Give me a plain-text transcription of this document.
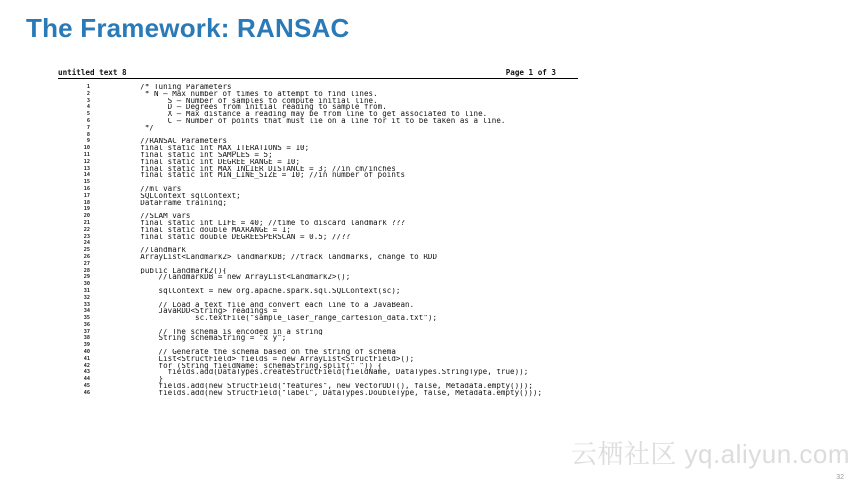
The Framework: RANSAC
untitled text 8	Page 1 of 3
1	/* Tuning Parameters
2	* N — Max number of times to attempt to find lines.
3	S — Number of samples to compute initial line.
4	D — Degrees from initial reading to sample from.
5	X — Max distance a reading may be from line to get associated to line.
6	C — Number of points that must lie on a line for it to be taken as a line.
7	*/
8
9	//RANSAC Parameters
10	final static int MAX_ITERATIONS = 10;
11	final static int SAMPLES = 5;
12	final static int DEGREE_RANGE = 10;
13	final static int MAX_INLIER_DISTANCE = 3; //in cm/inches
14	final static int MIN_LINE_SIZE = 10; //in number of points
15
16	//ml vars
17	SQLContext sqlContext;
18	DataFrame training;
19
20	//SLAM vars
21	final static int LIFE = 40; //time to discard landmark ???
22	final static double MAXRANGE = 1;
23	final static double DEGREESPERSCAN = 0.5; //??
24
25	//landmark
26	ArrayList<Landmark2> landmarkDB; //track landmarks, change to RDD
27
28	public Landmark2(){
29	//landmarkDB = new ArrayList<Landmark2>();
30
31	sqlContext = new org.apache.spark.sql.SQLContext(sc);
32
33	// Load a text file and convert each line to a JavaBean.
34	JavaRDD<String> readings =
35	sc.textFile("sample_laser_range_cartesion_data.txt");
36
37	// The schema is encoded in a string
38	String schemaString = "x y";
39
40	// Generate the schema based on the string of schema
41	List<StructField> fields = new ArrayList<StructField>();
42	for (String fieldName: schemaString.split(" ")) {
43	fields.add(DataTypes.createStructField(fieldName, DataTypes.StringType, true));
44	}
45	fields.add(new StructField("features", new VectorUDT(), false, Metadata.empty()));
46	fields.add(new StructField("label", DataTypes.DoubleType, false, Metadata.empty()));
云栖社区 yq.aliyun.com
32
